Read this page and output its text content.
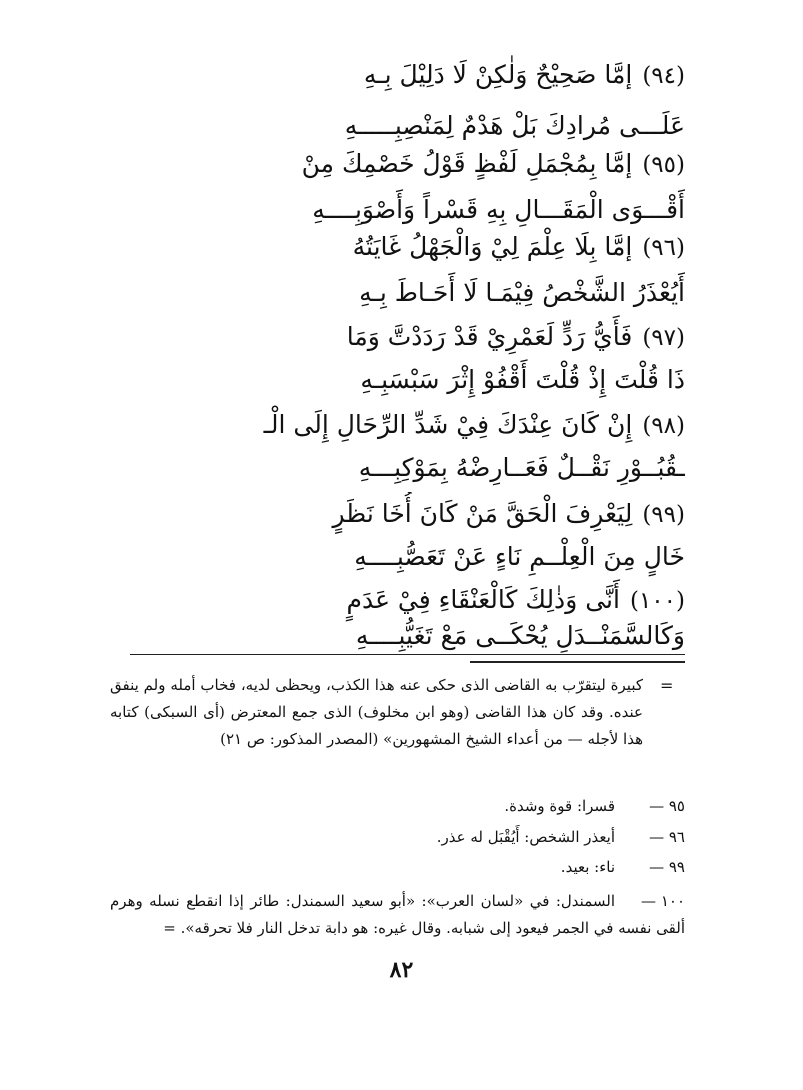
(٩٤)إمَّا صَحِيْحٌ وَلٰكِنْ لَا دَلِيْلَ بِـهِ
عَلَـــى مُرادِكَ بَلْ هَدْمٌ لِمَنْصِبِـــــهِ
(٩٥)إمَّا بِمُجْمَلِ لَفْظٍ قَوْلُ خَصْمِكَ مِنْ
أَقْـــوَى الْمَقَـــالِ بِهِ قَسْراً وَأَصْوَبِــــهِ
(٩٦)إمَّا بِلَا عِلْمَ لِيْ وَالْجَهْلُ غَايَتُهُ
أَيُعْذَرُ الشَّخْصُ فِيْمَـا لَا أَحَـاطَ بِـهِ
(٩٧)فَأَيُّ رَدٍّ لَعَمْرِيْ قَدْ رَدَدْتَّ وَمَا
ذَا قُلْتَ إِذْ قُلْتَ أَقْفُوْ إِثْرَ سَبْسَبِـهِ
(٩٨)إِنْ كَانَ عِنْدَكَ فِيْ شَدِّ الرِّحَالِ إِلَى الْـ
ـقُبُــوْرِ نَقْــلٌ فَعَــارِضْهُ بِمَوْكِبِـــهِ
(٩٩)لِيَعْرِفَ الْحَقَّ مَنْ كَانَ أُخَا نَظَرٍ
خَالٍ مِنَ الْعِلْــمِ نَاءٍ عَنْ تَعَصُّبِــــهِ
(١٠٠)أَنَّى وَذٰلِكَ كَالْعَنْقَاءِ فِيْ عَدَمٍ
وَكَالسَّمَنْــدَلِ يُحْكَــى مَعْ تَغَيُّبِــــهِ
=
كبيرة ليتقرّب به القاضى الذى حكى عنه هذا الكذب، ويحظى لديه، فخاب أمله ولم ينفق عنده. وقد كان هذا القاضى (وهو ابن مخلوف) الذى جمع المعترض (أى السبكى) كتابه هذا لأجله — من أعداء الشيخ المشهورين» (المصدر المذكور: ص ٢١)
٩٥ —قسرا: قوة وشدة.
٩٦ —أيعذر الشخص: أَيُقْبَل له عذر.
٩٩ —ناء: بعيد.
١٠٠ —السمندل: في «لسان العرب»: «أبو سعيد السمندل: طائر إذا انقطع نسله وهرم ألقى نفسه في الجمر فيعود إلى شبابه. وقال غيره: هو دابة تدخل النار فلا تحرقه». =
٨٢
